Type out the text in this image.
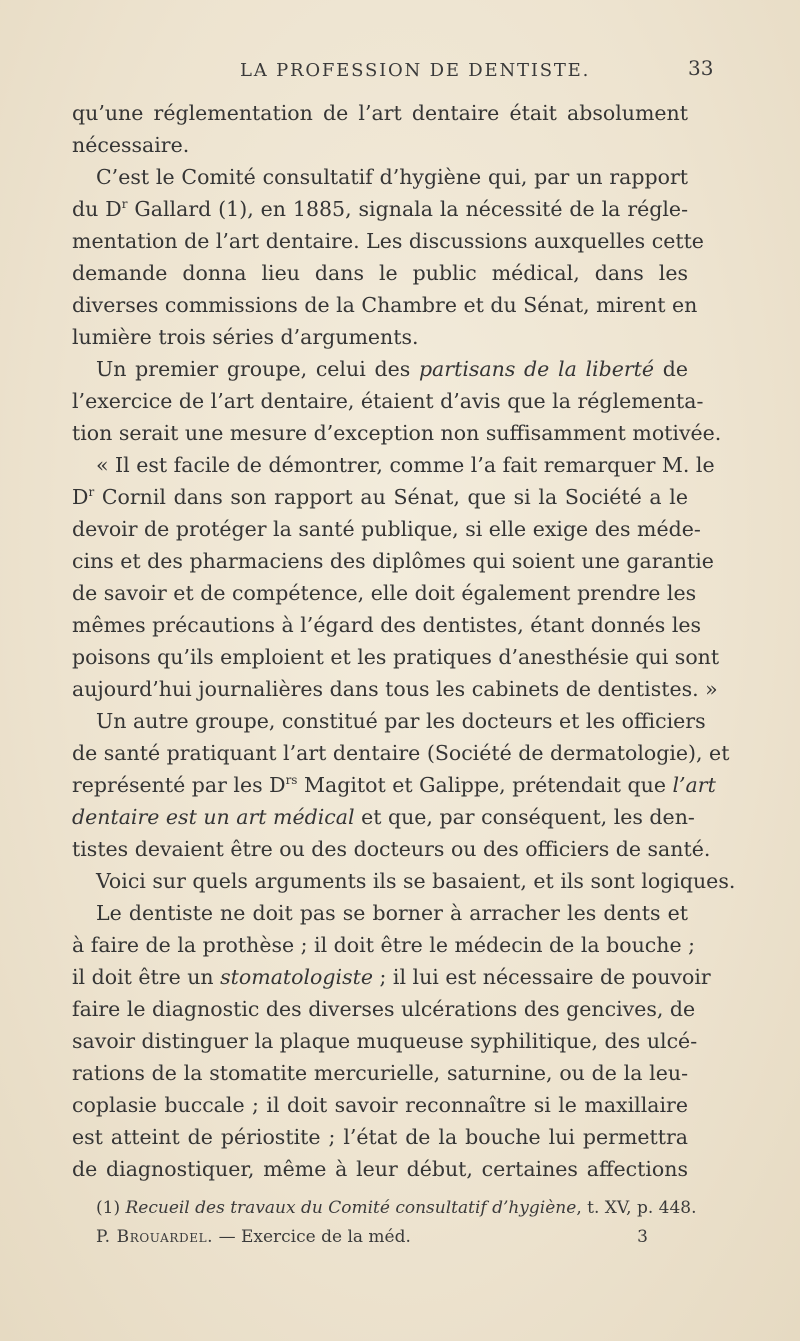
LA PROFESSION DE DENTISTE.	33
qu’une réglementation de l’art dentaire était absolument
nécessaire.
C’est le Comité consultatif d’hygiène qui, par un rapport
du $D^r$ Gallard (1), en 1885, signala la nécessité de la régle-
mentation de l’art dentaire. Les discussions auxquelles cette
demande donna lieu dans le public médical, dans les
diverses commissions de la Chambre et du Sénat, mirent en
lumière trois séries d’arguments.
Un premier groupe, celui des partisans de la liberté de
l’exercice de l’art dentaire, étaient d’avis que la réglementa-
tion serait une mesure d’exception non suffisamment motivée.
« Il est facile de démontrer, comme l’a fait remarquer M. le
$D^r$ Cornil dans son rapport au Sénat, que si la Société a le
devoir de protéger la santé publique, si elle exige des méde-
cins et des pharmaciens des diplômes qui soient une garantie
de savoir et de compétence, elle doit également prendre les
mêmes précautions à l’égard des dentistes, étant donnés les
poisons qu’ils emploient et les pratiques d’anesthésie qui sont
aujourd’hui journalières dans tous les cabinets de dentistes. »
Un autre groupe, constitué par les docteurs et les officiers
de santé pratiquant l’art dentaire (Société de dermatologie), et
représenté par les $D^{rs}$ Magitot et Galippe, prétendait que l’art
dentaire est un art médical et que, par conséquent, les den-
tistes devaient être ou des docteurs ou des officiers de santé.
Voici sur quels arguments ils se basaient, et ils sont logiques.
Le dentiste ne doit pas se borner à arracher les dents et
à faire de la prothèse ; il doit être le médecin de la bouche ;
il doit être un stomatologiste ; il lui est nécessaire de pouvoir
faire le diagnostic des diverses ulcérations des gencives, de
savoir distinguer la plaque muqueuse syphilitique, des ulcé-
rations de la stomatite mercurielle, saturnine, ou de la leu-
coplasie buccale ; il doit savoir reconnaître si le maxillaire
est atteint de périostite ; l’état de la bouche lui permettra
de diagnostiquer, même à leur début, certaines affections
(1) Recueil des travaux du Comité consultatif d’hygiène, t. XV, p. 448.
P. Brouardel. — Exercice de la méd.	3
